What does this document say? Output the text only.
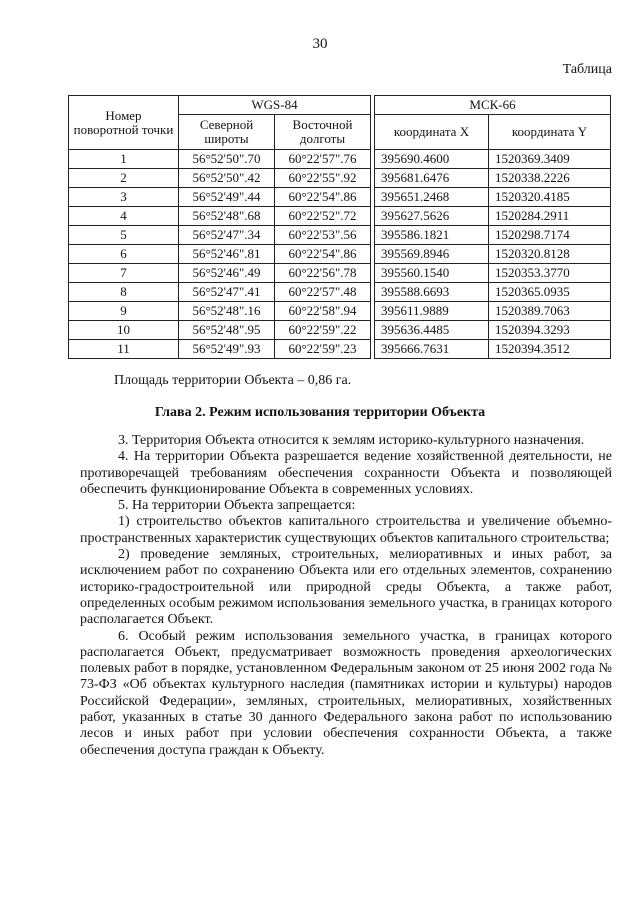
30
Таблица
Номер поворотной точки	WGS-84			МСК-66	
	Северной широты	Восточной долготы		координата X	координата Y
1	56°52'50".70	60°22'57".76		395690.4600	1520369.3409
2	56°52'50".42	60°22'55".92		395681.6476	1520338.2226
3	56°52'49".44	60°22'54".86		395651.2468	1520320.4185
4	56°52'48".68	60°22'52".72		395627.5626	1520284.2911
5	56°52'47".34	60°22'53".56		395586.1821	1520298.7174
6	56°52'46".81	60°22'54".86		395569.8946	1520320.8128
7	56°52'46".49	60°22'56".78		395560.1540	1520353.3770
8	56°52'47".41	60°22'57".48		395588.6693	1520365.0935
9	56°52'48".16	60°22'58".94		395611.9889	1520389.7063
10	56°52'48".95	60°22'59".22		395636.4485	1520394.3293
11	56°52'49".93	60°22'59".23		395666.7631	1520394.3512
Площадь территории Объекта – 0,86 га.
Глава 2. Режим использования территории Объекта

3. Территория Объекта относится к землям историко-культурного назначения.

4. На территории Объекта разрешается ведение хозяйственной деятельности, не противоречащей требованиям обеспечения сохранности Объекта и позволяющей обеспечить функционирование Объекта в современных условиях.

5. На территории Объекта запрещается:

1) строительство объектов капитального строительства и увеличение объемно-пространственных характеристик существующих объектов капитального строительства;

2) проведение земляных, строительных, мелиоративных и иных работ, за исключением работ по сохранению Объекта или его отдельных элементов, сохранению историко-градостроительной или природной среды Объекта, а также работ, определенных особым режимом использования земельного участка, в границах которого располагается Объект.

6. Особый режим использования земельного участка, в границах которого располагается Объект, предусматривает возможность проведения археологических полевых работ в порядке, установленном Федеральным законом от 25 июня 2002 года № 73-ФЗ «Об объектах культурного наследия (памятниках истории и культуры) народов Российской Федерации», земляных, строительных, мелиоративных, хозяйственных работ, указанных в статье 30 данного Федерального закона работ по использованию лесов и иных работ при условии обеспечения сохранности Объекта, а также обеспечения доступа граждан к Объекту.
